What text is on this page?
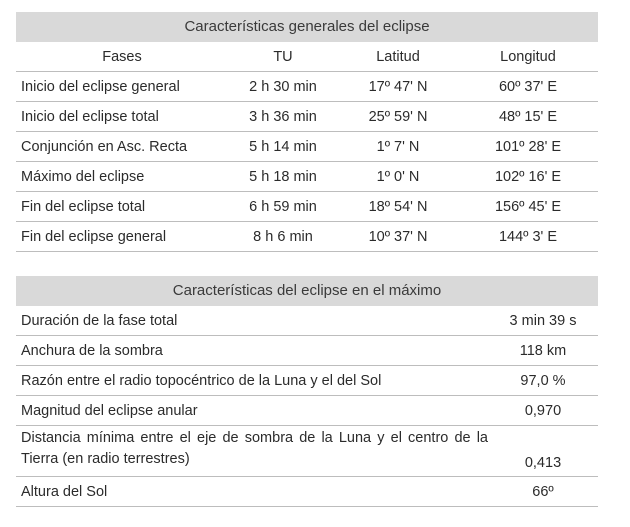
Características generales del eclipse
Fases	TU	Latitud	Longitud
Inicio del eclipse general	2 h 30 min	17º 47' N	60º 37' E
Inicio del eclipse total	3 h 36 min	25º 59' N	48º 15' E
Conjunción en Asc. Recta	5 h 14 min	1º 7' N	101º 28' E
Máximo del eclipse	5 h 18 min	1º 0' N	102º 16' E
Fin del eclipse total	6 h 59 min	18º 54' N	156º 45' E
Fin del eclipse general	8 h 6 min	10º 37' N	144º 3' E
Características del eclipse en el máximo
Duración de la fase total	3 min 39 s
Anchura de la sombra	118 km
Razón entre el radio topocéntrico de la Luna y el del Sol	97,0 %
Magnitud del eclipse anular	0,970
Distancia mínima entre el eje de sombra de la Luna y el centro de la Tierra (en radio terrestres)	0,413
Altura del Sol	66º
